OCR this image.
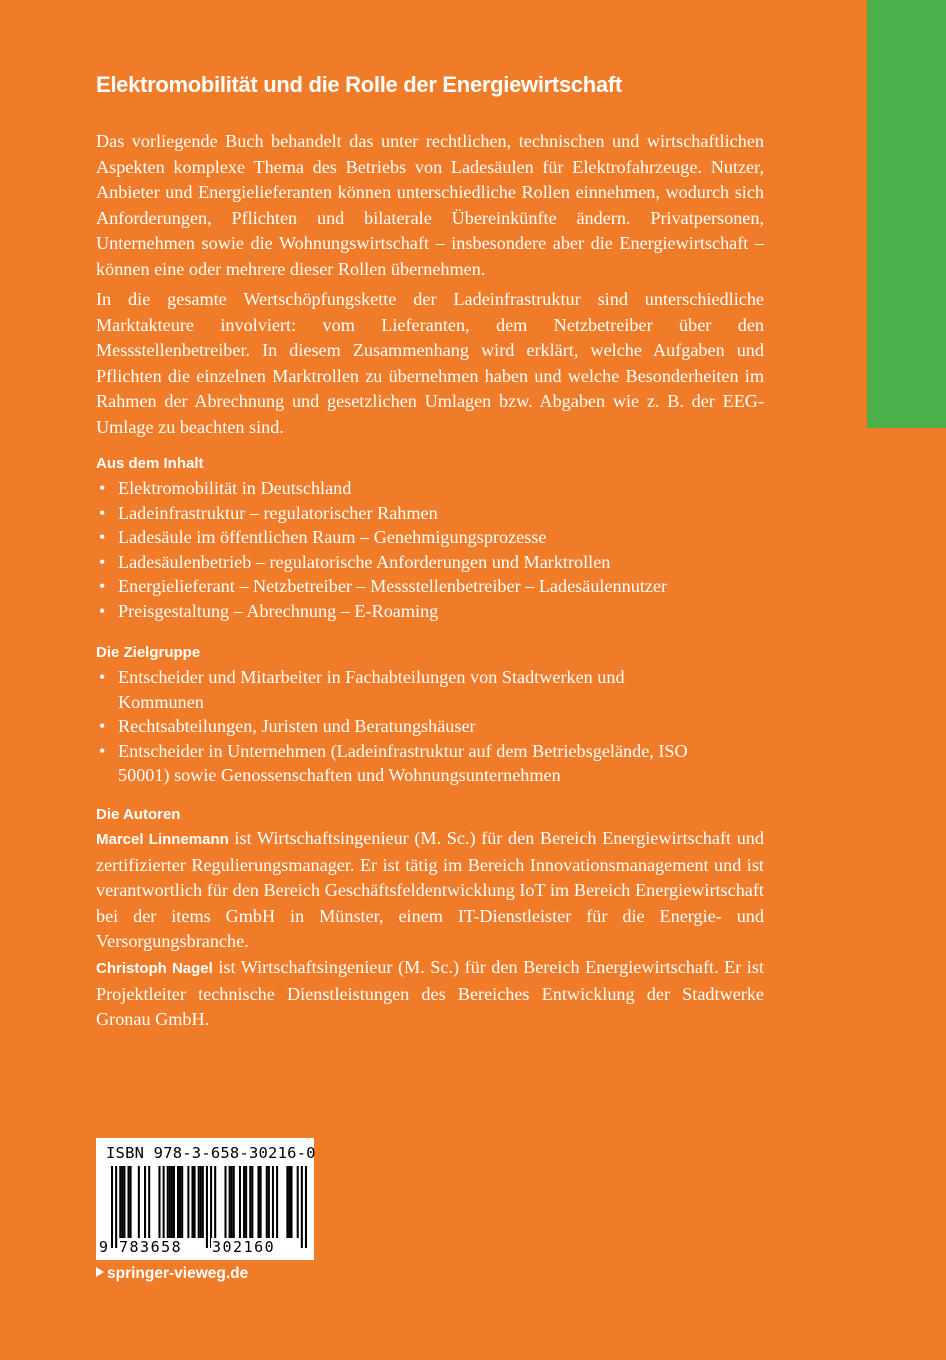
Elektromobilität und die Rolle der Energiewirtschaft

Das vorliegende Buch behandelt das unter rechtlichen, technischen und wirtschaftlichen Aspekten komplexe Thema des Betriebs von Ladesäulen für Elektrofahrzeuge. Nutzer, Anbieter und Energielieferanten können unterschiedliche Rollen einnehmen, wodurch sich Anforderungen, Pflichten und bilaterale Übereinkünfte ändern. Privatpersonen, Unternehmen sowie die Wohnungswirtschaft – insbesondere aber die Energiewirtschaft – können eine oder mehrere dieser Rollen übernehmen.

In die gesamte Wertschöpfungskette der Ladeinfrastruktur sind unterschiedliche Marktakteure involviert: vom Lieferanten, dem Netzbetreiber über den Messstellenbetreiber. In diesem Zusammenhang wird erklärt, welche Aufgaben und Pflichten die einzelnen Marktrollen zu übernehmen haben und welche Besonderheiten im Rahmen der Abrechnung und gesetzlichen Umlagen bzw. Abgaben wie z. B. der EEG-Umlage zu beachten sind.

Aus dem Inhalt
• Elektromobilität in Deutschland
• Ladeinfrastruktur – regulatorischer Rahmen
• Ladesäule im öffentlichen Raum – Genehmigungsprozesse
• Ladesäulenbetrieb – regulatorische Anforderungen und Marktrollen
• Energielieferant – Netzbetreiber – Messstellenbetreiber – Ladesäulennutzer
• Preisgestaltung – Abrechnung – E-Roaming
Die Zielgruppe
• Entscheider und Mitarbeiter in Fachabteilungen von Stadtwerken und Kommunen
• Rechtsabteilungen, Juristen und Beratungshäuser
• Entscheider in Unternehmen (Ladeinfrastruktur auf dem Betriebsgelände, ISO 50001) sowie Genossenschaften und Wohnungsunternehmen
Die Autoren

Marcel Linnemann ist Wirtschaftsingenieur (M. Sc.) für den Bereich Energiewirtschaft und zertifizierter Regulierungsmanager. Er ist tätig im Bereich Innovationsmanagement und ist verantwortlich für den Bereich Geschäftsfeldentwicklung IoT im Bereich Energiewirtschaft bei der items GmbH in Münster, einem IT-Dienstleister für die Energie- und Versorgungsbranche.

Christoph Nagel ist Wirtschaftsingenieur (M. Sc.) für den Bereich Energiewirtschaft. Er ist Projektleiter technische Dienstleistungen des Bereiches Entwicklung der Stadtwerke Gronau GmbH.

ISBN 978-3-658-30216-0
9 783658 302160
springer-vieweg.de
